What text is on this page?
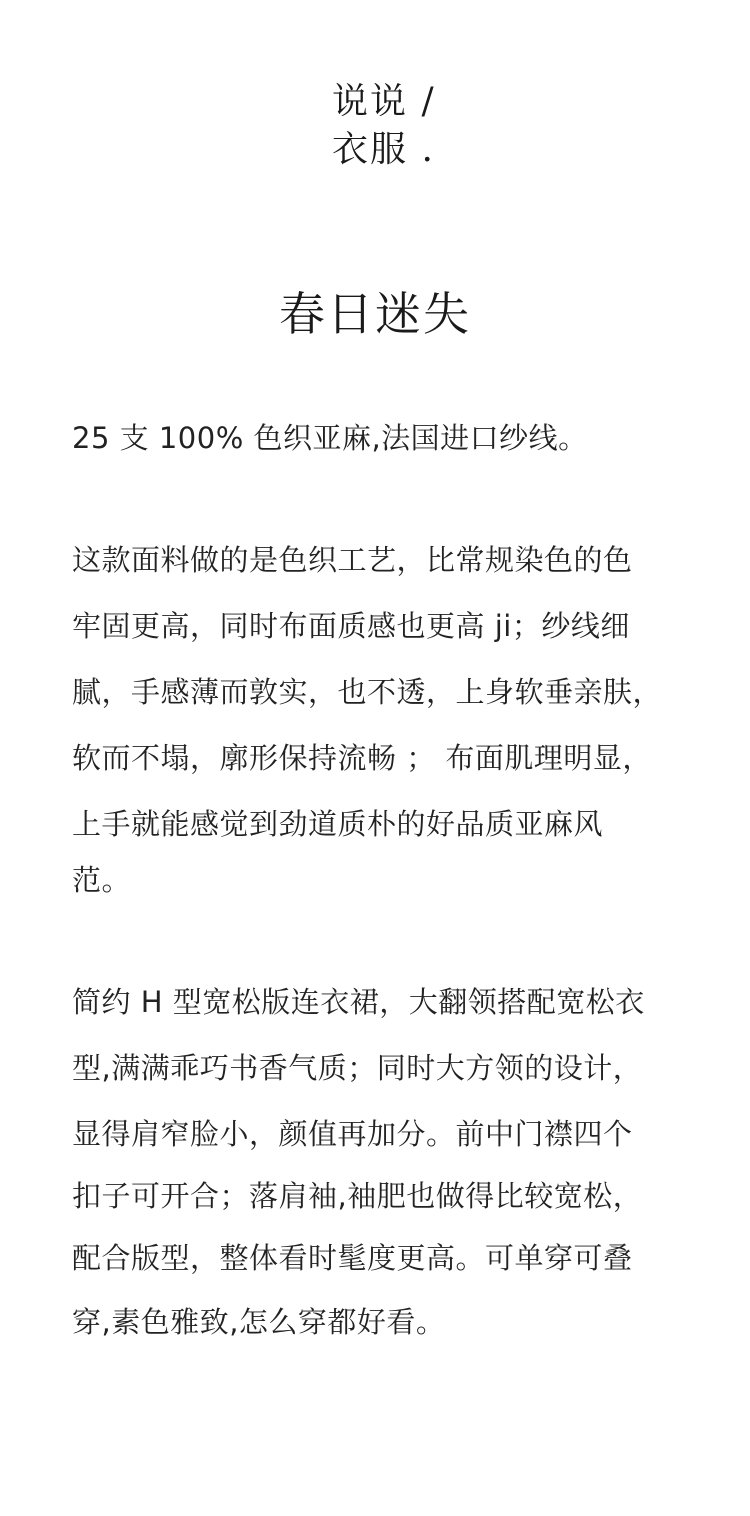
说说 /
衣服 .
春日迷失
25 支 100% 色织亚麻,法国进口纱线。
这款面料做的是色织工艺，比常规染色的色
牢固更高，同时布面质感也更高 ji；纱线细
腻，手感薄而敦实，也不透，上身软垂亲肤，
软而不塌，廓形保持流畅 ； 布面肌理明显，
上手就能感觉到劲道质朴的好品质亚麻风
范。
简约 H 型宽松版连衣裙，大翻领搭配宽松衣
型,满满乖巧书香气质；同时大方领的设计，
显得肩窄脸小，颜值再加分。前中门襟四个
扣子可开合；落肩袖,袖肥也做得比较宽松，
配合版型，整体看时髦度更高。可单穿可叠
穿,素色雅致,怎么穿都好看。
